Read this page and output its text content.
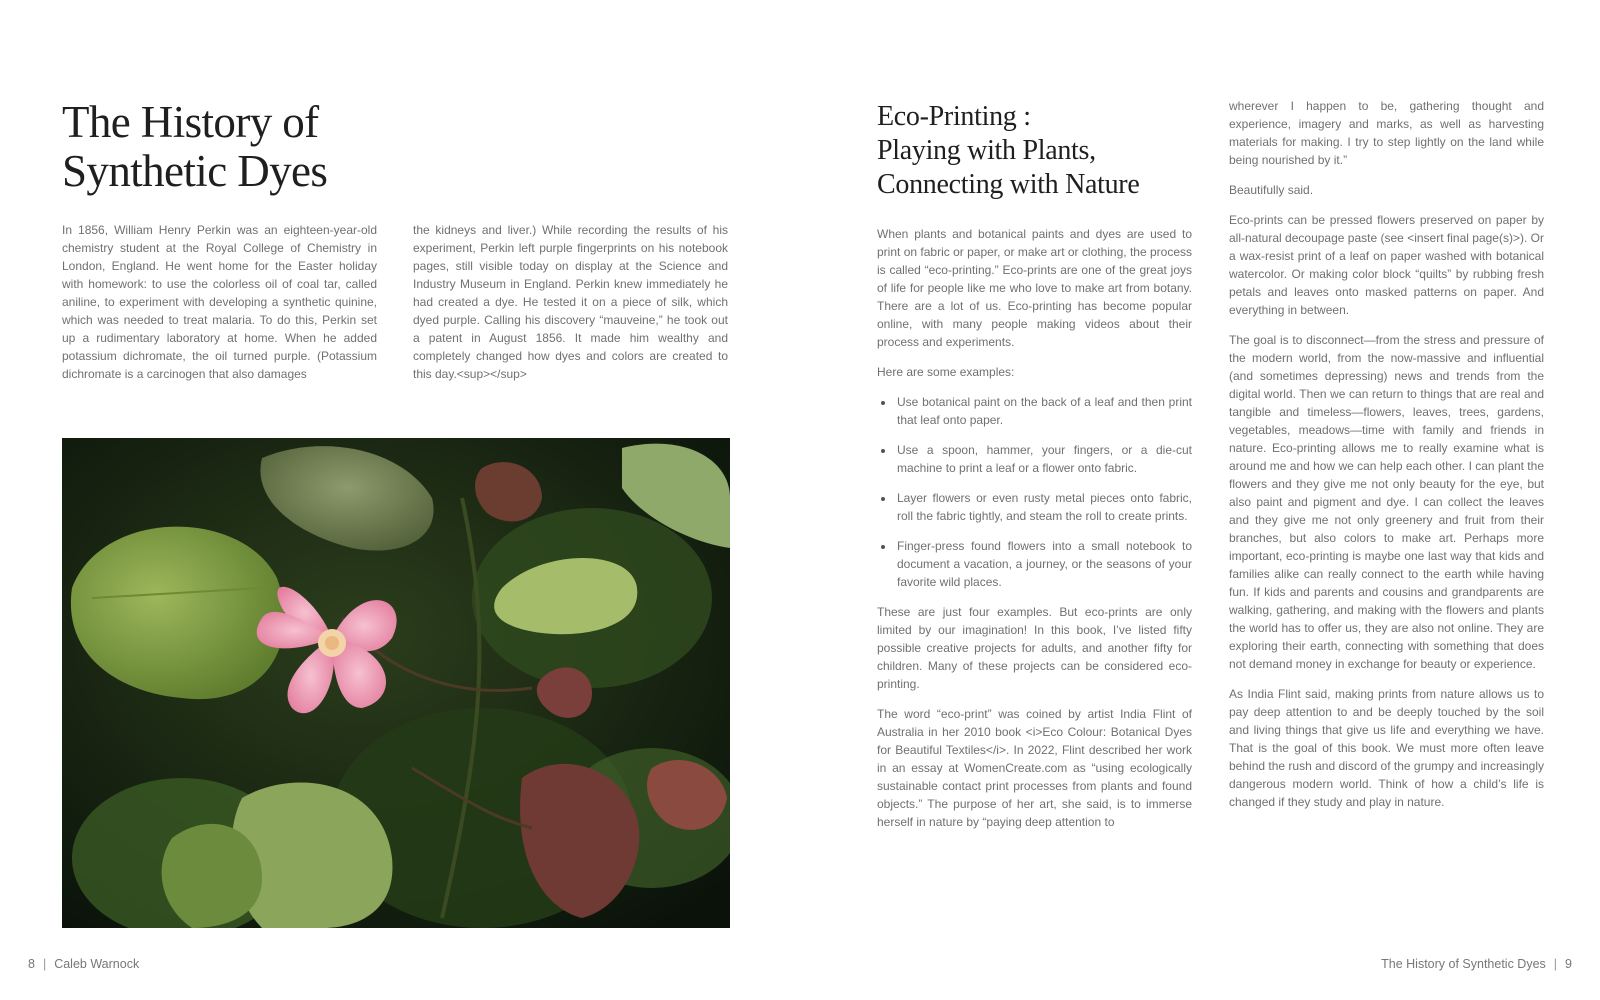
The History of
Synthetic Dyes

In 1856, William Henry Perkin was an eighteen-year-old chemistry student at the Royal College of Chemistry in London, England. He went home for the Easter holiday with homework: to use the colorless oil of coal tar, called aniline, to experiment with developing a synthetic quinine, which was needed to treat malaria. To do this, Perkin set up a rudimentary laboratory at home. When he added potassium dichromate, the oil turned purple. (Potassium dichromate is a carcinogen that also damages

the kidneys and liver.) While recording the results of his experiment, Perkin left purple fingerprints on his notebook pages, still visible today on display at the Science and Industry Museum in England. Perkin knew immediately he had created a dye. He tested it on a piece of silk, which dyed purple. Calling his discovery “mauveine,” he took out a patent in August 1856. It made him wealthy and completely changed how dyes and colors are created to this day.<sup></sup>

8 | Caleb Warnock
Eco-Printing :
Playing with Plants,
Connecting with Nature

When plants and botanical paints and dyes are used to print on fabric or paper, or make art or clothing, the process is called “eco-printing.” Eco-prints are one of the great joys of life for people like me who love to make art from botany. There are a lot of us. Eco-printing has become popular online, with many people making videos about their process and experiments.

Here are some examples:

• Use botanical paint on the back of a leaf and then print that leaf onto paper.
• Use a spoon, hammer, your fingers, or a die-cut machine to print a leaf or a flower onto fabric.
• Layer flowers or even rusty metal pieces onto fabric, roll the fabric tightly, and steam the roll to create prints.
• Finger-press found flowers into a small notebook to document a vacation, a journey, or the seasons of your favorite wild places.

These are just four examples. But eco-prints are only limited by our imagination! In this book, I’ve listed fifty possible creative projects for adults, and another fifty for children. Many of these projects can be considered eco-printing.

The word “eco-print” was coined by artist India Flint of Australia in her 2010 book <i>Eco Colour: Botanical Dyes for Beautiful Textiles</i>. In 2022, Flint described her work in an essay at WomenCreate.com as “using ecologically sustainable contact print processes from plants and found objects.” The purpose of her art, she said, is to immerse herself in nature by “paying deep attention to

wherever I happen to be, gathering thought and experience, imagery and marks, as well as harvesting materials for making. I try to step lightly on the land while being nourished by it.”

Beautifully said.

Eco-prints can be pressed flowers preserved on paper by all-natural decoupage paste (see <insert final page(s)>). Or a wax-resist print of a leaf on paper washed with botanical watercolor. Or making color block “quilts” by rubbing fresh petals and leaves onto masked patterns on paper. And everything in between.

The goal is to disconnect—from the stress and pressure of the modern world, from the now-massive and influential (and sometimes depressing) news and trends from the digital world. Then we can return to things that are real and tangible and timeless—flowers, leaves, trees, gardens, vegetables, meadows—time with family and friends in nature. Eco-printing allows me to really examine what is around me and how we can help each other. I can plant the flowers and they give me not only beauty for the eye, but also paint and pigment and dye. I can collect the leaves and they give me not only greenery and fruit from their branches, but also colors to make art. Perhaps more important, eco-printing is maybe one last way that kids and families alike can really connect to the earth while having fun. If kids and parents and cousins and grandparents are walking, gathering, and making with the flowers and plants the world has to offer us, they are also not online. They are exploring their earth, connecting with something that does not demand money in exchange for beauty or experience.

As India Flint said, making prints from nature allows us to pay deep attention to and be deeply touched by the soil and living things that give us life and everything we have. That is the goal of this book. We must more often leave behind the rush and discord of the grumpy and increasingly dangerous modern world. Think of how a child’s life is changed if they study and play in nature.

The History of Synthetic Dyes | 9
